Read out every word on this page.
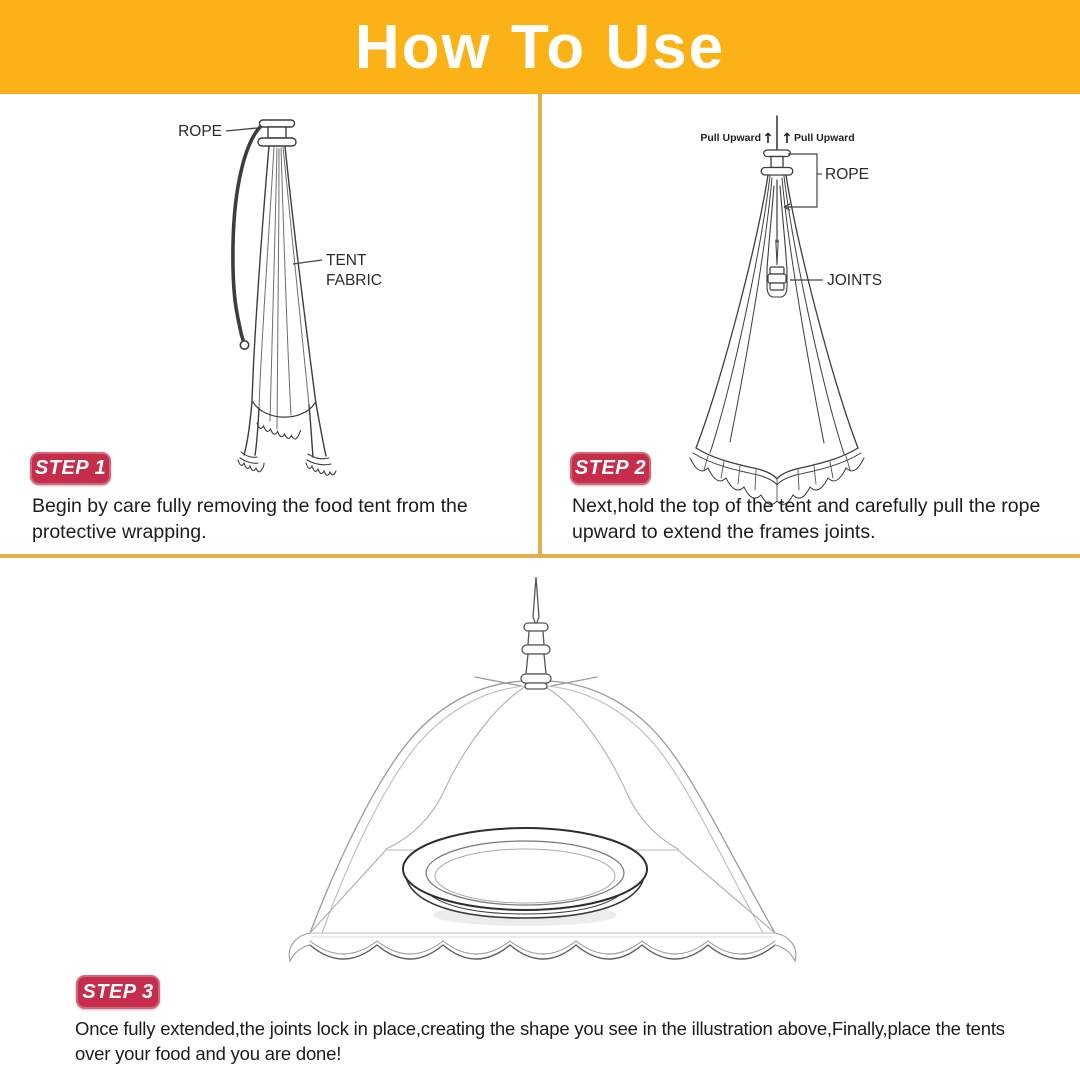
How To Use
ROPE
TENT
FABRIC
↑ ↑
Pull Upward	Pull Upward
ROPE
JOINTS
STEP 1	STEP 2
STEP 3
Begin by care fully removing the food tent from the protective wrapping.
Next,hold the top of the tent and carefully pull the rope upward to extend the frames joints.
Once fully extended,the joints lock in place,creating the shape you see in the illustration above,Finally,place the tents over your food and you are done!
